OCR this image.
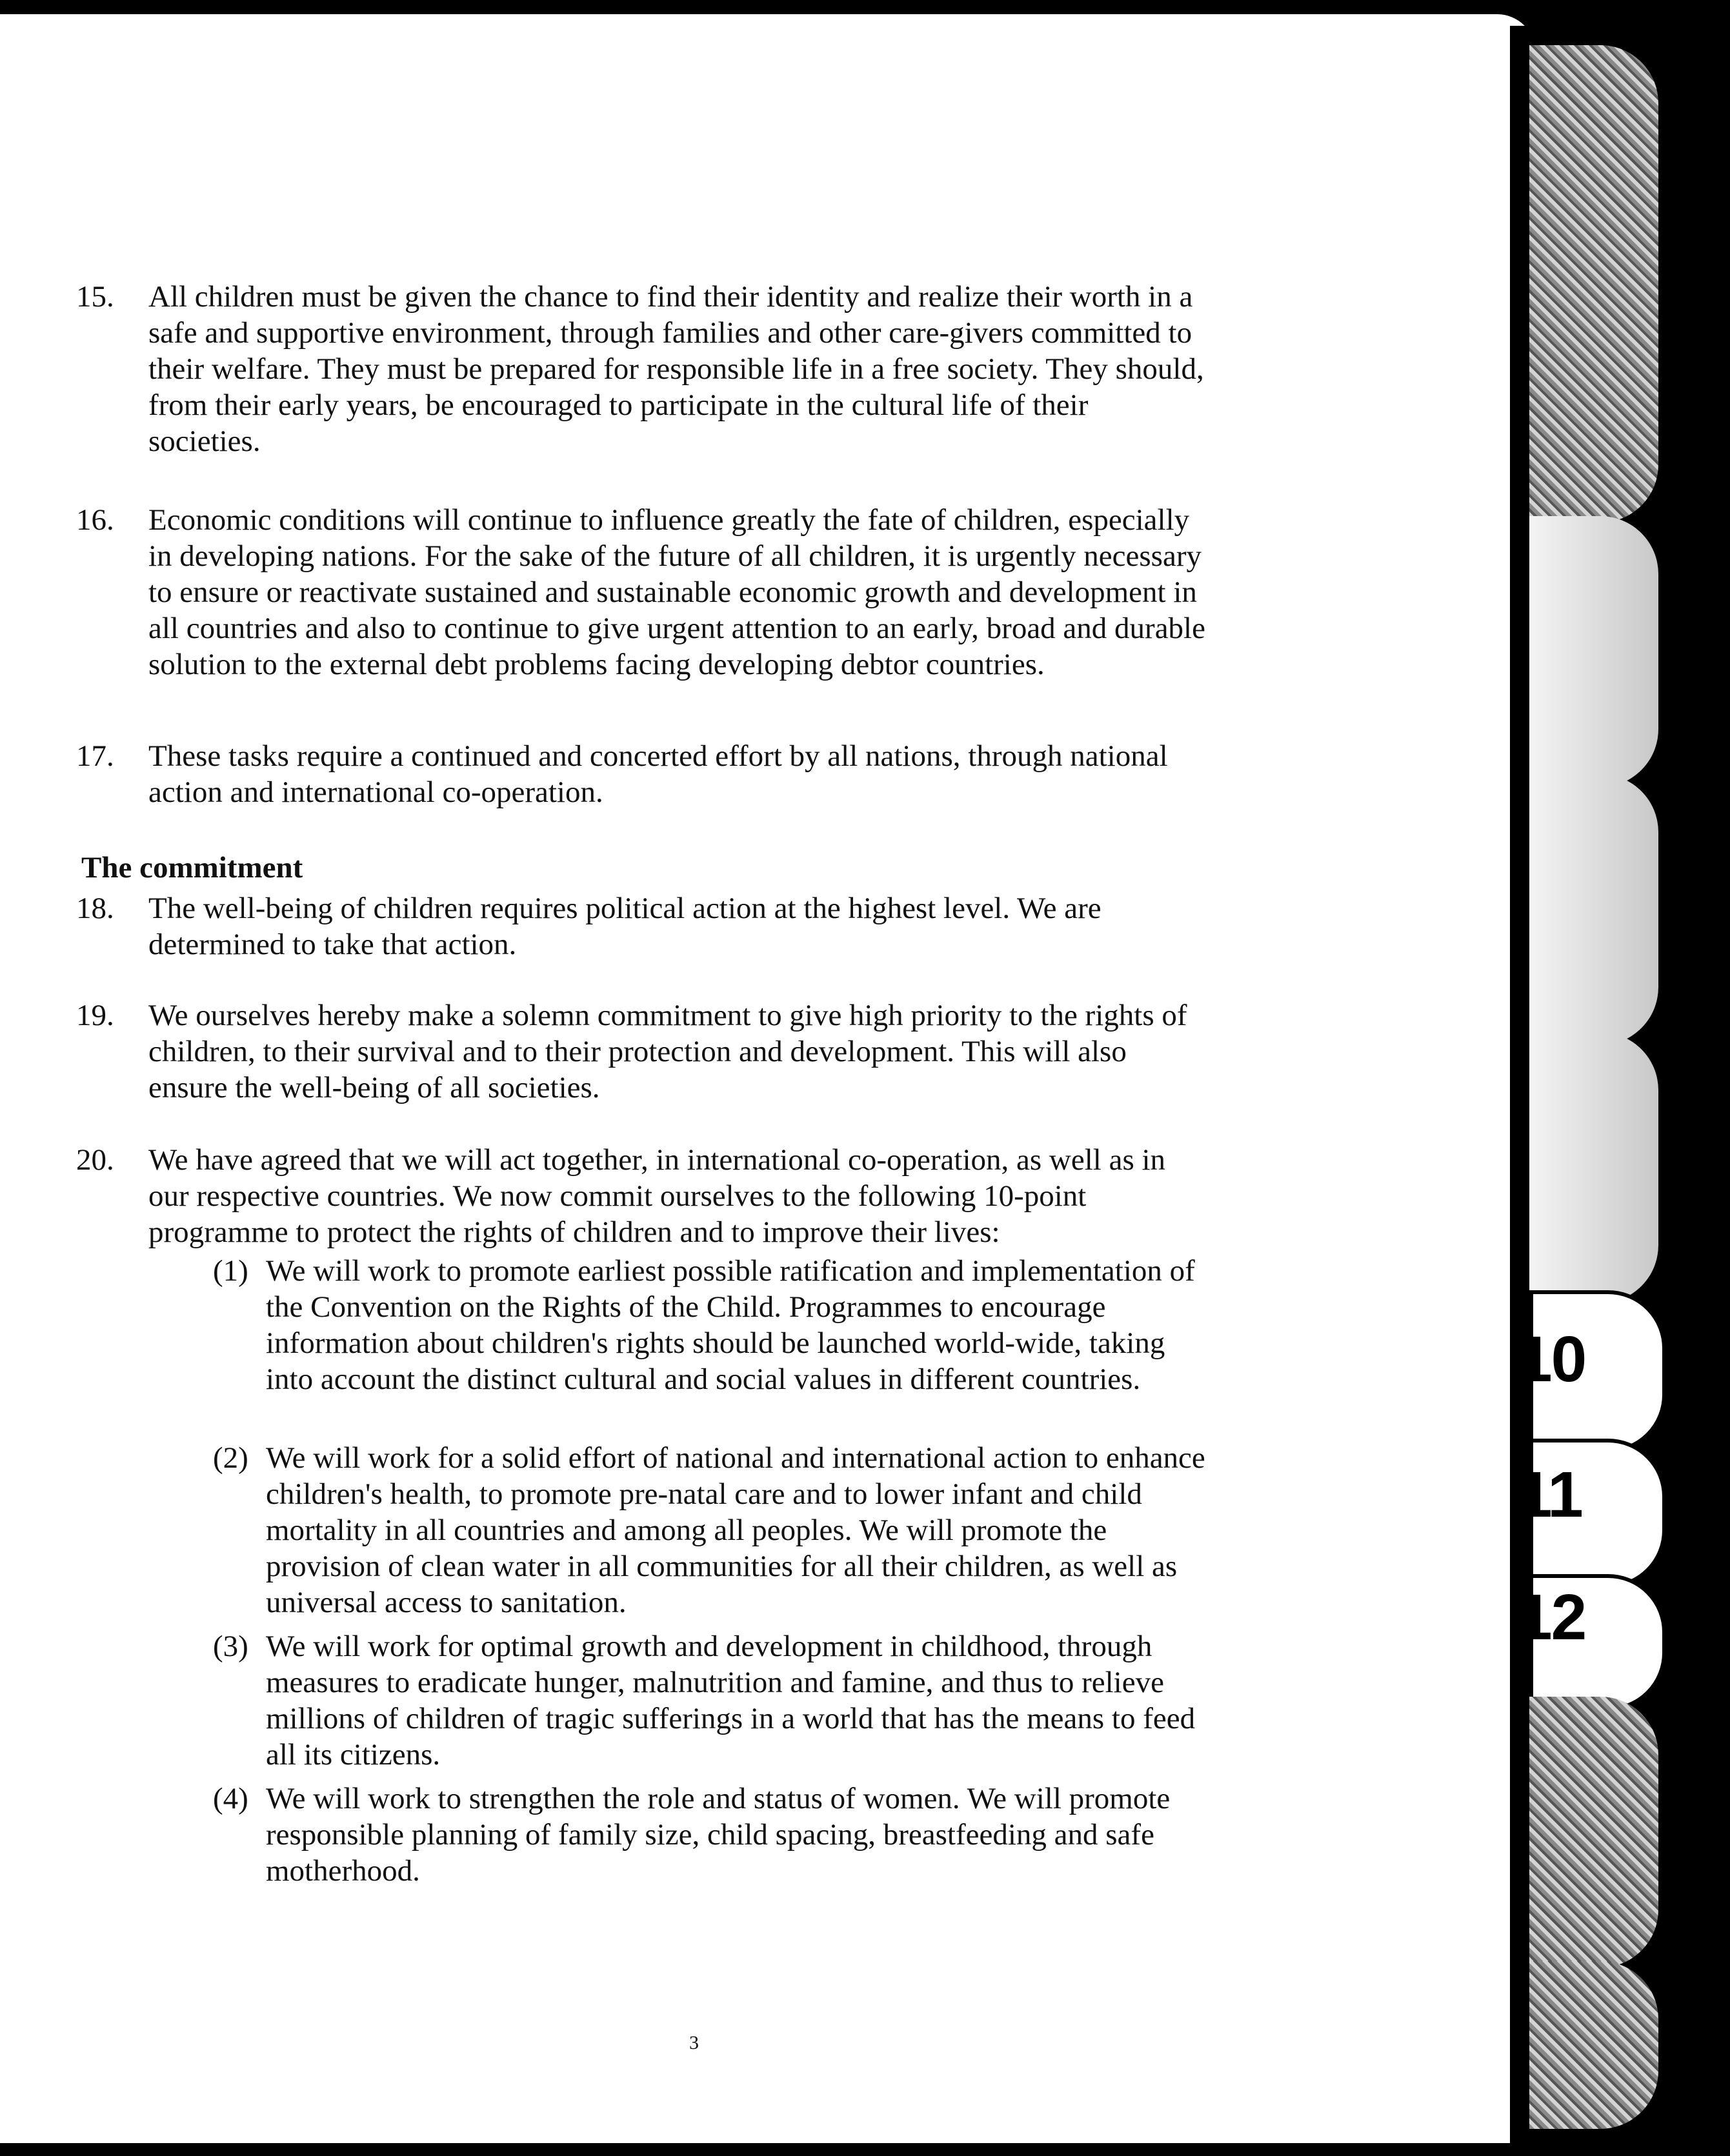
10
11
12
15. All children must be given the chance to find their identity and realize their worth in a safe and supportive environment, through families and other care-givers committed to their welfare. They must be prepared for responsible life in a free society. They should, from their early years, be encouraged to participate in the cultural life of their societies.
16. Economic conditions will continue to influence greatly the fate of children, especially in developing nations. For the sake of the future of all children, it is urgently necessary to ensure or reactivate sustained and sustainable economic growth and development in all countries and also to continue to give urgent attention to an early, broad and durable solution to the external debt problems facing developing debtor countries.
17. These tasks require a continued and concerted effort by all nations, through national action and international co-operation.
The commitment
18. The well-being of children requires political action at the highest level. We are determined to take that action.
19. We ourselves hereby make a solemn commitment to give high priority to the rights of children, to their survival and to their protection and development. This will also ensure the well-being of all societies.
20. We have agreed that we will act together, in international co-operation, as well as in our respective countries. We now commit ourselves to the following 10-point programme to protect the rights of children and to improve their lives:
(1) We will work to promote earliest possible ratification and implementation of the Convention on the Rights of the Child. Programmes to encourage information about children's rights should be launched world-wide, taking into account the distinct cultural and social values in different countries.
(2) We will work for a solid effort of national and international action to enhance children's health, to promote pre-natal care and to lower infant and child mortality in all countries and among all peoples. We will promote the provision of clean water in all communities for all their children, as well as universal access to sanitation.
(3) We will work for optimal growth and development in childhood, through measures to eradicate hunger, malnutrition and famine, and thus to relieve millions of children of tragic sufferings in a world that has the means to feed all its citizens.
(4) We will work to strengthen the role and status of women. We will promote responsible planning of family size, child spacing, breastfeeding and safe motherhood.
3
